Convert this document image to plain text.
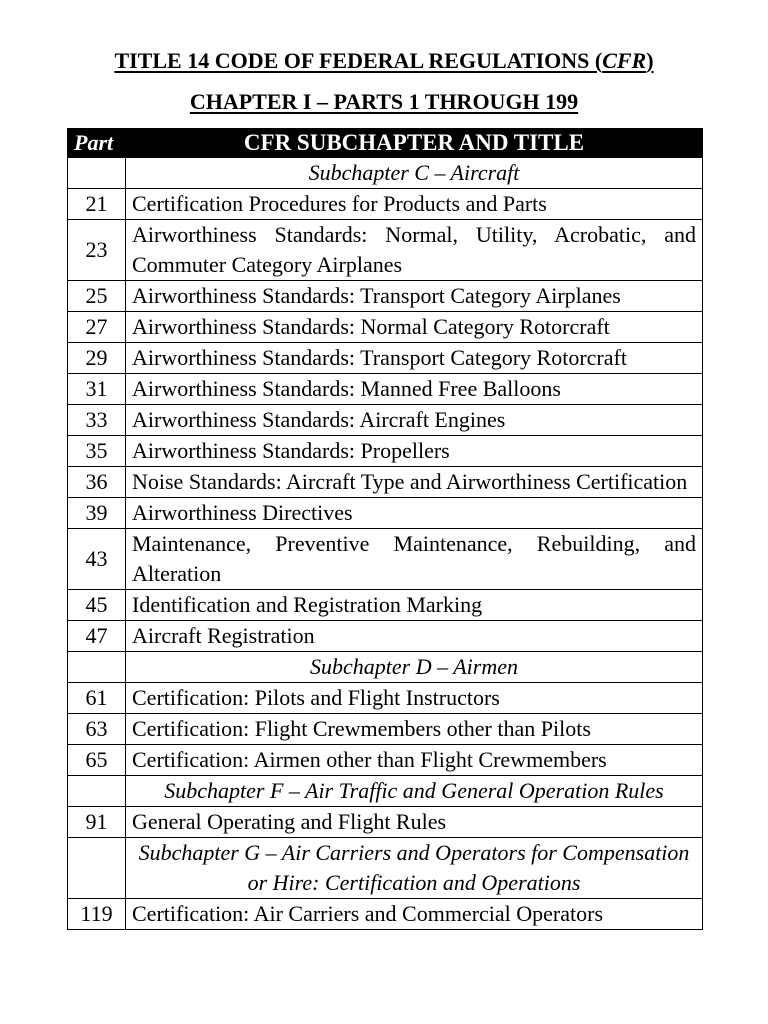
TITLE 14 CODE OF FEDERAL REGULATIONS (CFR)
CHAPTER I – PARTS 1 THROUGH 199
Part	CFR SUBCHAPTER AND TITLE
	Subchapter C – Aircraft
21	Certification Procedures for Products and Parts
23	Airworthiness Standards: Normal, Utility, Acrobatic, and Commuter Category Airplanes
25	Airworthiness Standards: Transport Category Airplanes
27	Airworthiness Standards: Normal Category Rotorcraft
29	Airworthiness Standards: Transport Category Rotorcraft
31	Airworthiness Standards: Manned Free Balloons
33	Airworthiness Standards: Aircraft Engines
35	Airworthiness Standards: Propellers
36	Noise Standards: Aircraft Type and Airworthiness Certification
39	Airworthiness Directives
43	Maintenance, Preventive Maintenance, Rebuilding, and Alteration
45	Identification and Registration Marking
47	Aircraft Registration
	Subchapter D – Airmen
61	Certification: Pilots and Flight Instructors
63	Certification: Flight Crewmembers other than Pilots
65	Certification: Airmen other than Flight Crewmembers
	Subchapter F – Air Traffic and General Operation Rules
91	General Operating and Flight Rules
	Subchapter G – Air Carriers and Operators for Compensation or Hire: Certification and Operations
119	Certification: Air Carriers and Commercial Operators
